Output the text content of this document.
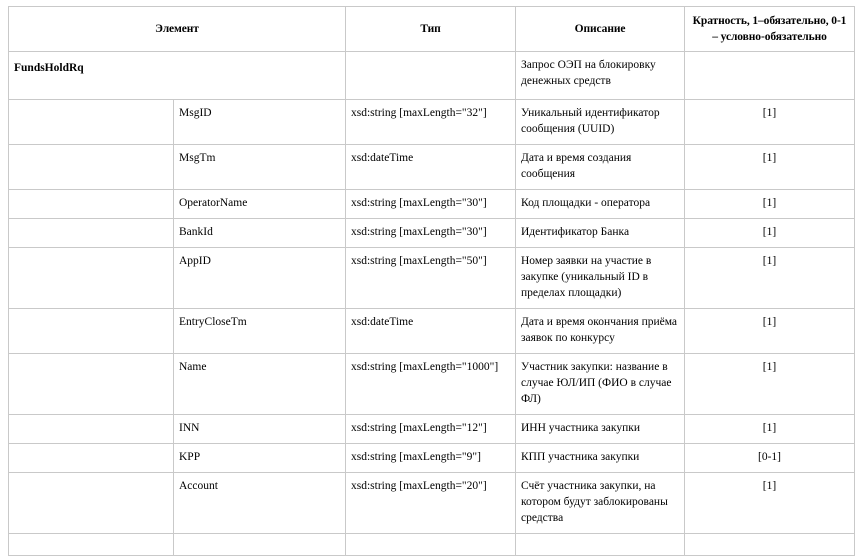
Элемент		Тип	Описание	Кратность, 1–обязательно, 0-1 – условно-обязательно
FundsHoldRq			Запрос ОЭП на блокировку денежных средств	
	MsgID	xsd:string [maxLength="32"]	Уникальный идентификатор сообщения (UUID)	[1]
	MsgTm	xsd:dateTime	Дата и время создания сообщения	[1]
	OperatorName	xsd:string [maxLength="30"]	Код площадки - оператора	[1]
	BankId	xsd:string [maxLength="30"]	Идентификатор Банка	[1]
	AppID	xsd:string [maxLength="50"]	Номер заявки на участие в закупке (уникальный ID в пределах площадки)	[1]
	EntryCloseTm	xsd:dateTime	Дата и время окончания приёма заявок по конкурсу	[1]
	Name	xsd:string [maxLength="1000"]	Участник закупки: название в случае ЮЛ/ИП (ФИО в случае ФЛ)	[1]
	INN	xsd:string [maxLength="12"]	ИНН участника закупки	[1]
	KPP	xsd:string [maxLength="9"]	КПП участника закупки	[0-1]
	Account	xsd:string [maxLength="20"]	Счёт участника закупки, на котором будут заблокированы средства	[1]
